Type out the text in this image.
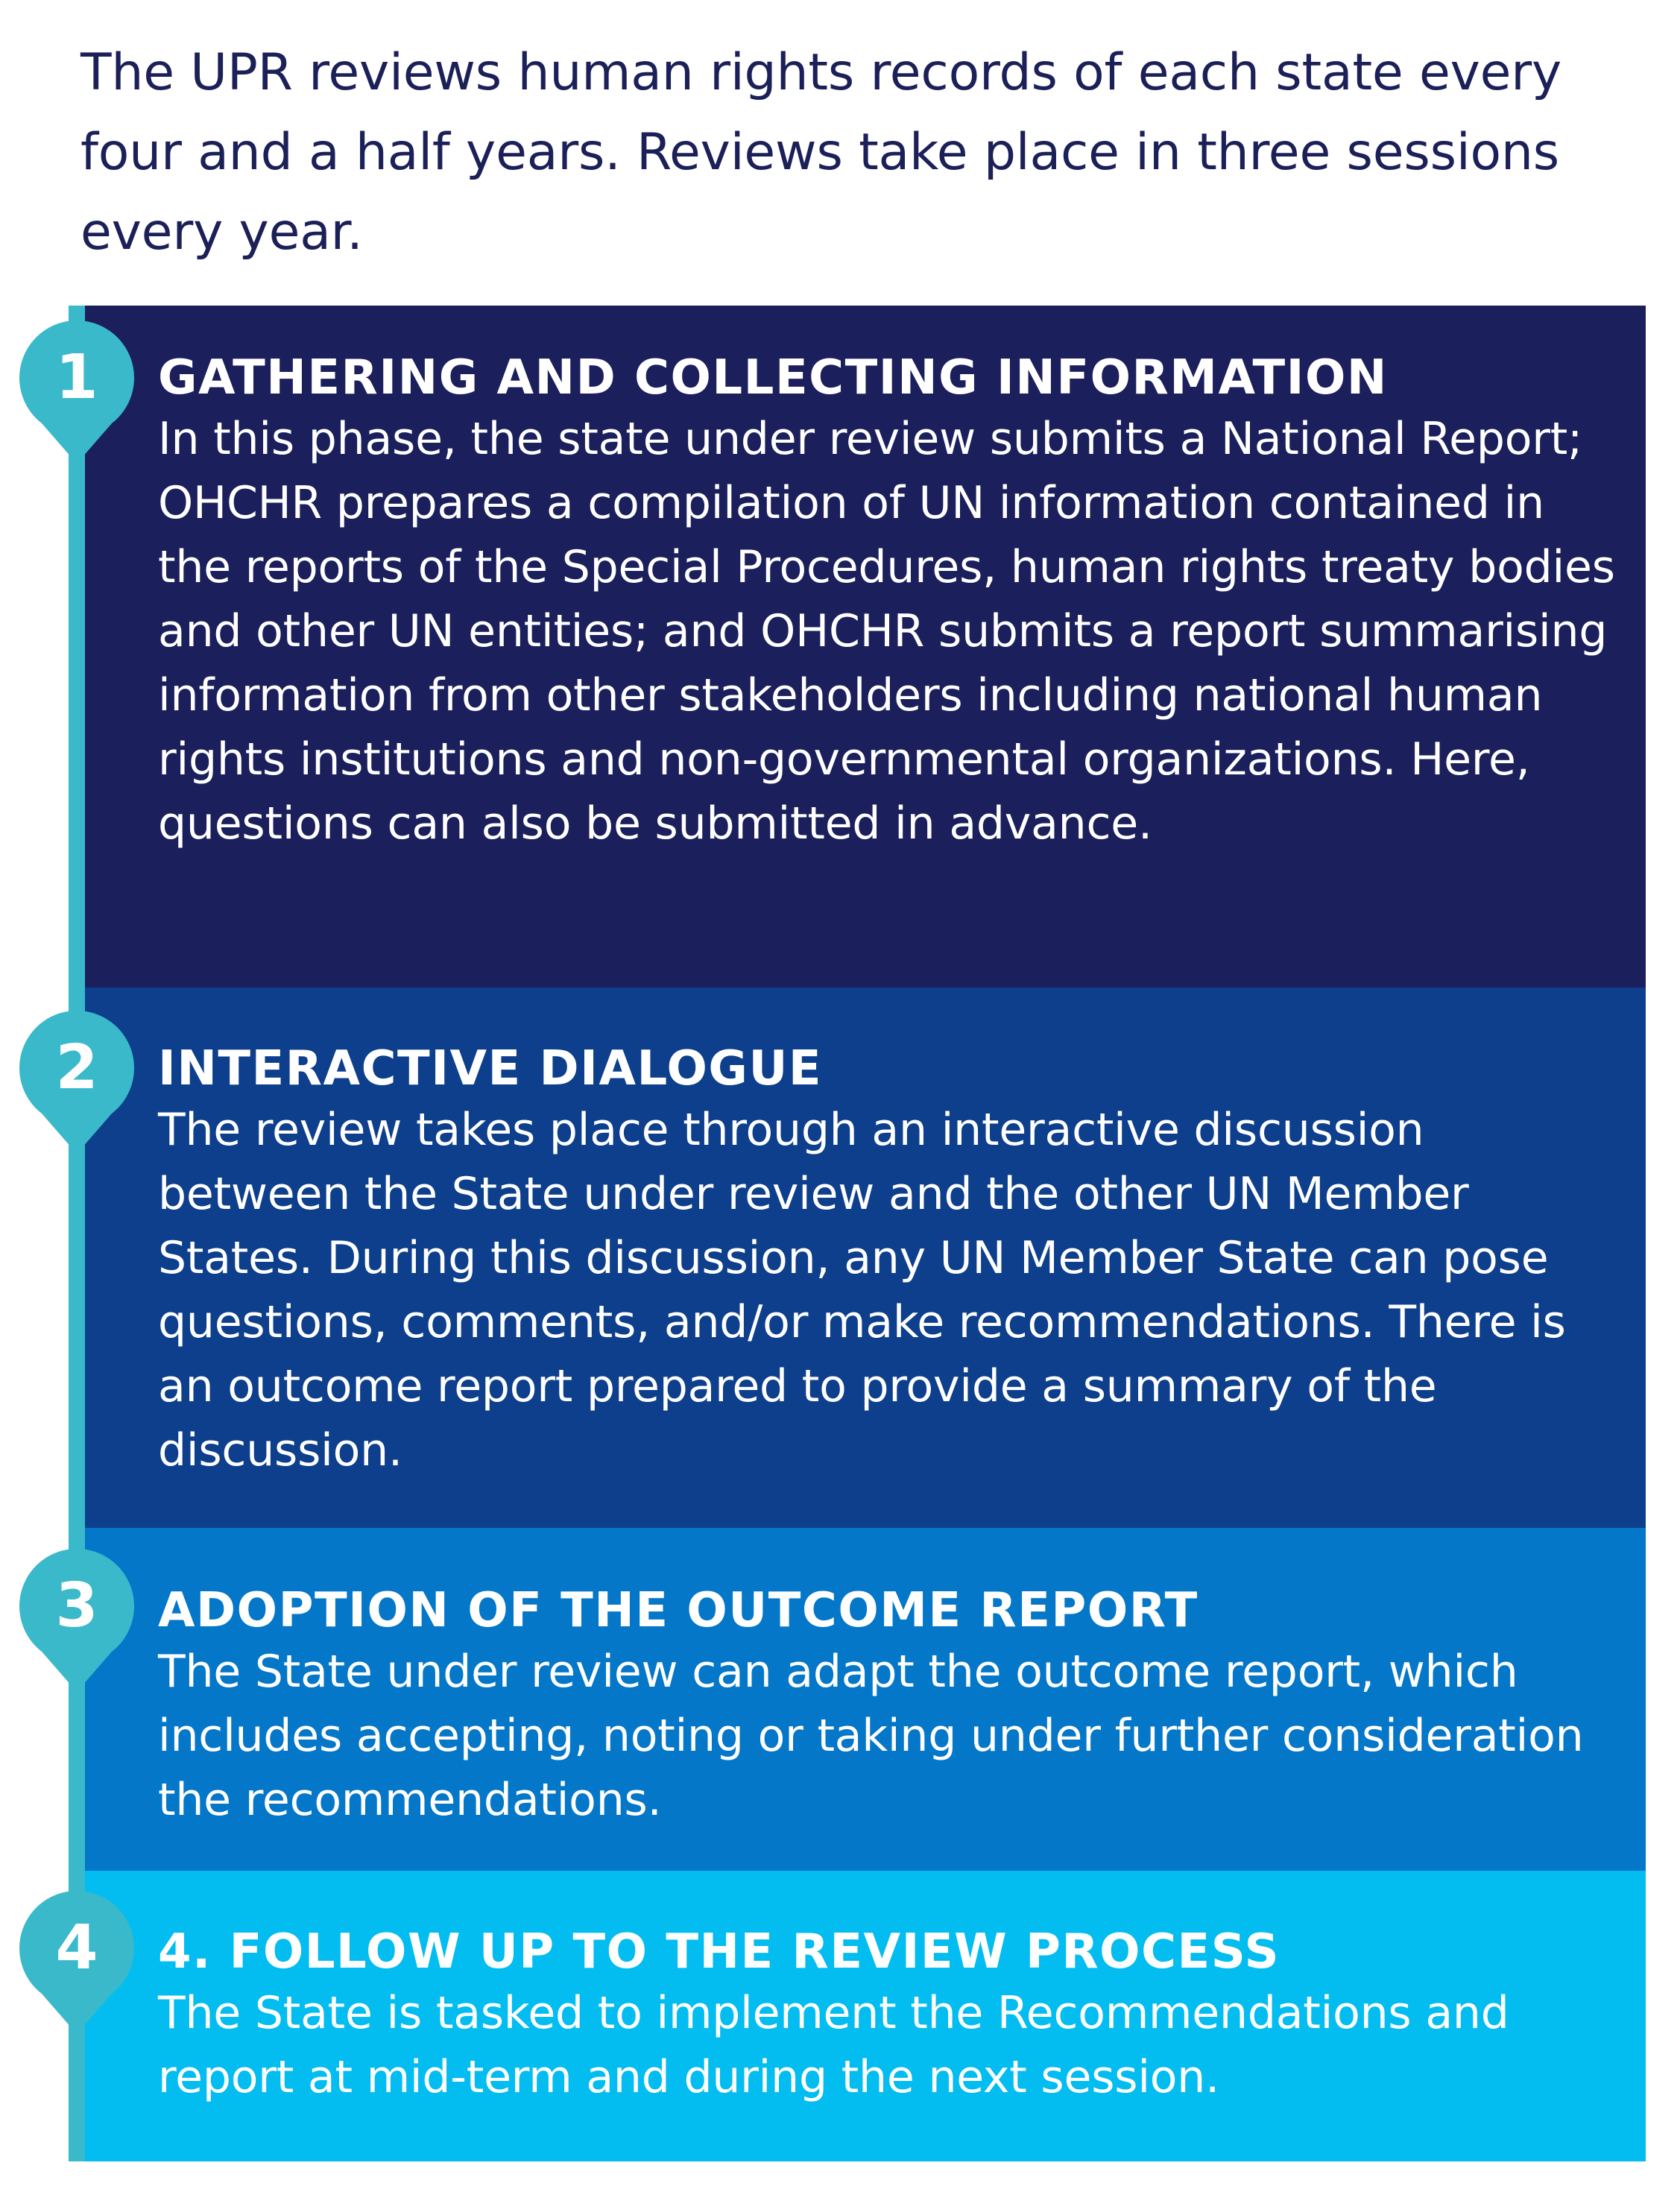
The UPR reviews human rights records of each state every four and a half years. Reviews take place in three sessions every year.

GATHERING AND COLLECTING INFORMATION

In this phase, the state under review submits a National Report; OHCHR prepares a compilation of UN information contained in the reports of the Special Procedures, human rights treaty bodies and other UN entities; and OHCHR submits a report summarising information from other stakeholders including national human rights institutions and non-governmental organizations. Here, questions can also be submitted in advance.

INTERACTIVE DIALOGUE

The review takes place through an interactive discussion between the State under review and the other UN Member States. During this discussion, any UN Member State can pose questions, comments, and/or make recommendations. There is an outcome report prepared to provide a summary of the discussion.

ADOPTION OF THE OUTCOME REPORT

The State under review can adapt the outcome report, which includes accepting, noting or taking under further consideration the recommendations.

4. FOLLOW UP TO THE REVIEW PROCESS

The State is tasked to implement the Recommendations and report at mid-term and during the next session.

1
2
3
4
